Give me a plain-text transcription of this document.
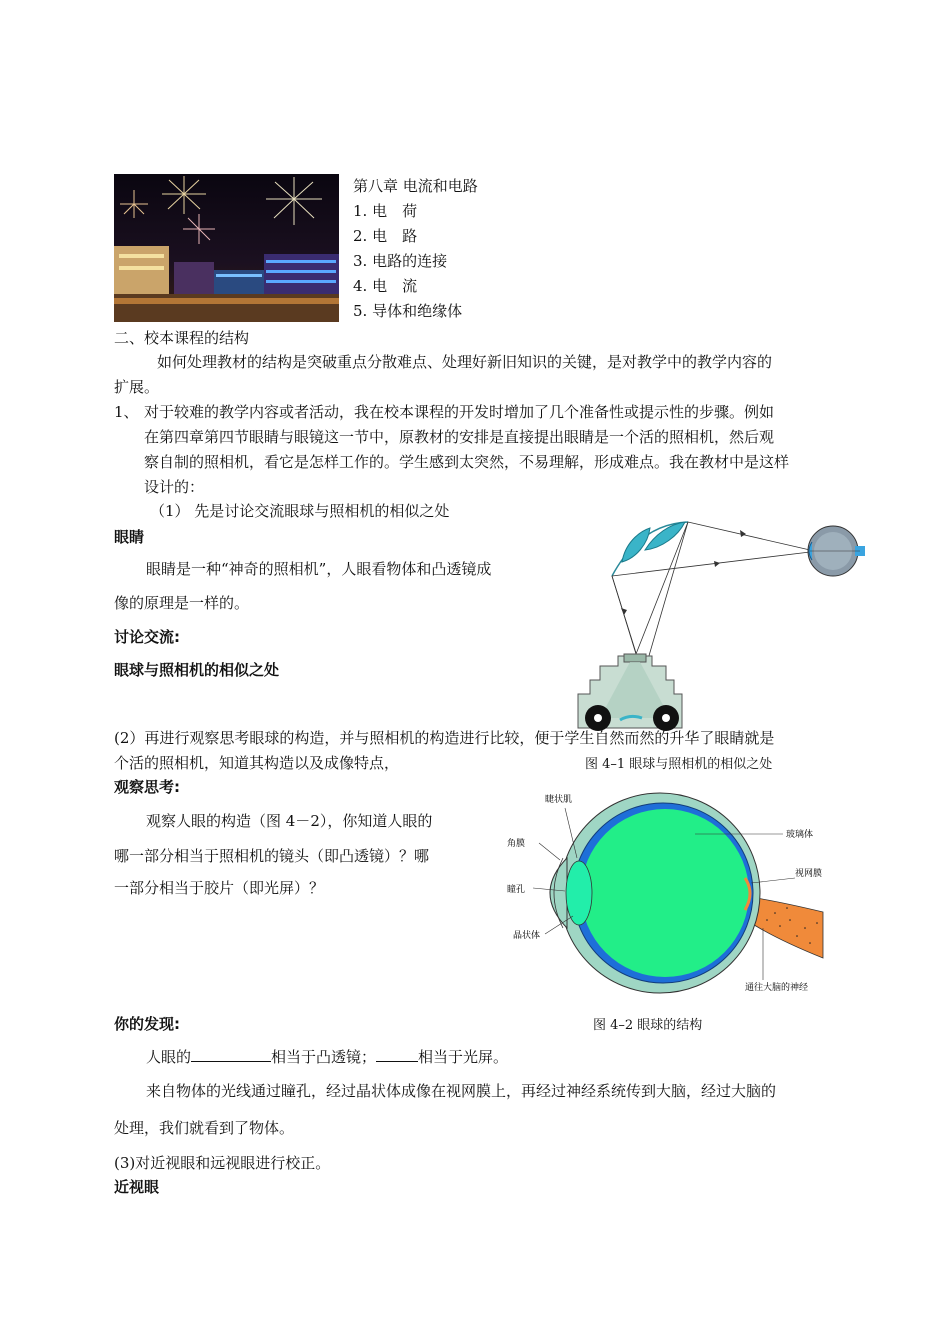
第八章 电流和电路
1. 电　荷
2. 电　路
3. 电路的连接
4. 电　流
5. 导体和绝缘体
二、校本课程的结构
如何处理教材的结构是突破重点分散难点、处理好新旧知识的关键，是对教学中的教学内容的
扩展。
1、 对于较难的教学内容或者活动，我在校本课程的开发时增加了几个准备性或提示性的步骤。例如
在第四章第四节眼睛与眼镜这一节中，原教材的安排是直接提出眼睛是一个活的照相机，然后观
察自制的照相机，看它是怎样工作的。学生感到太突然，不易理解，形成难点。我在教材中是这样
设计的：
（1） 先是讨论交流眼球与照相机的相似之处
眼睛
眼睛是一种“神奇的照相机”，人眼看物体和凸透镜成
像的原理是一样的。
讨论交流:
眼球与照相机的相似之处
(2）再进行观察思考眼球的构造，并与照相机的构造进行比较，便于学生自然而然的升华了眼睛就是
个活的照相机，知道其构造以及成像特点，	图 4–1 眼球与照相机的相似之处
观察思考:
观察人眼的构造（图 4－2），你知道人眼的
哪一部分相当于照相机的镜头（即凸透镜）？哪
一部分相当于胶片（即光屏）？
睫状肌
角膜
瞳孔
晶状体
玻璃体
视网膜
通往大脑的神经
你的发现:	图 4–2 眼球的结构
人眼的	相当于凸透镜；	相当于光屏。
来自物体的光线通过瞳孔，经过晶状体成像在视网膜上，再经过神经系统传到大脑，经过大脑的
处理，我们就看到了物体。
(3)对近视眼和远视眼进行校正。
近视眼
